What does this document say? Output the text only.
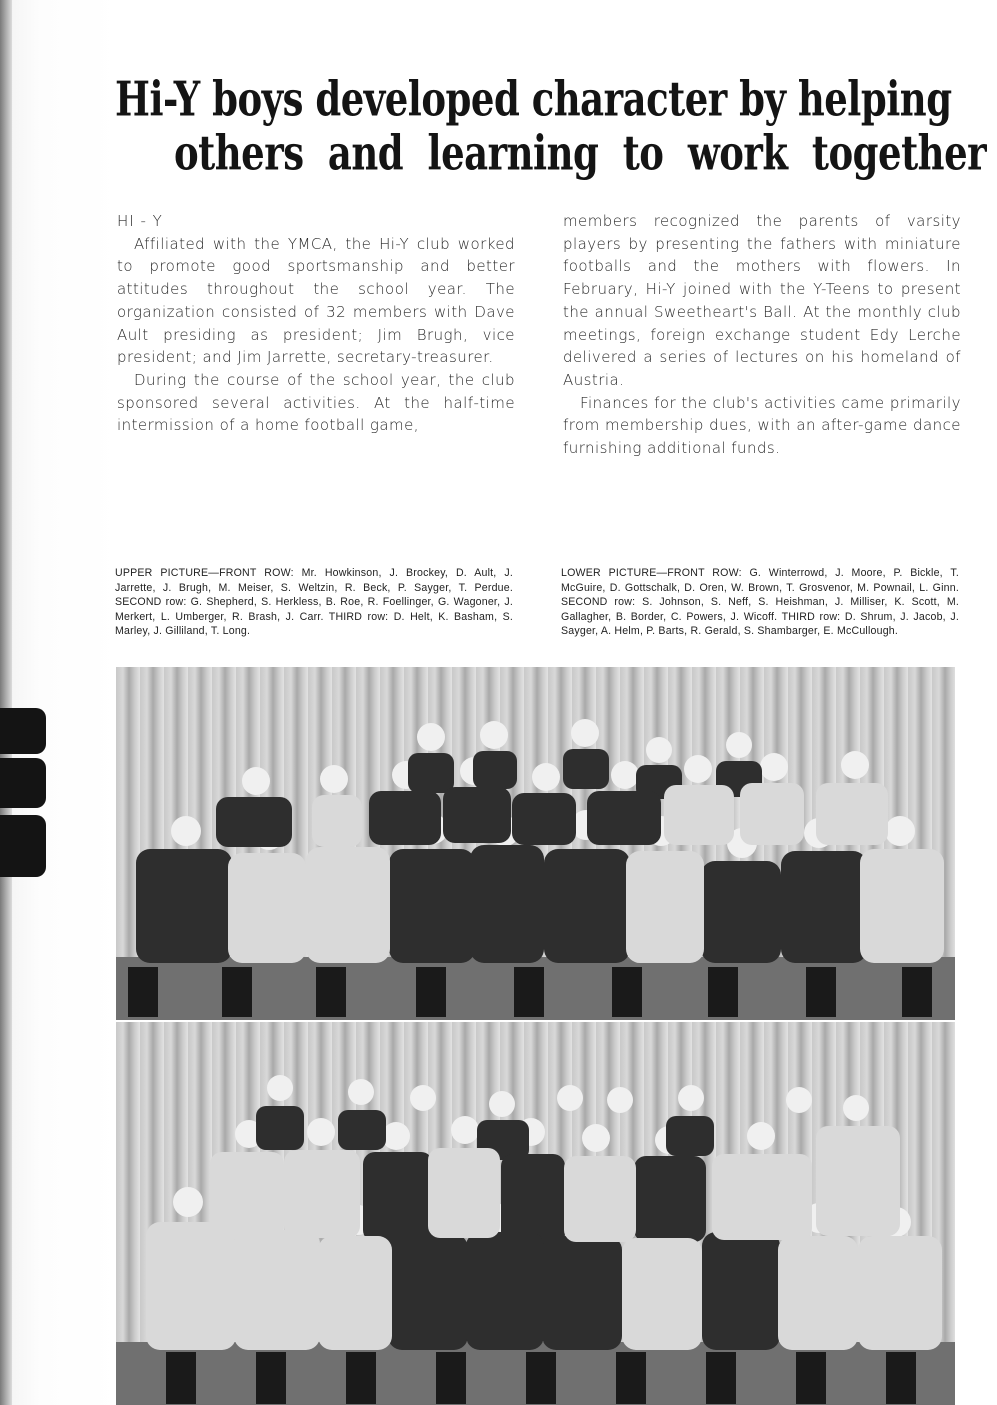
Hi-Y boys developed character by helping
others and learning to work together

HI - Y

Affiliated with the YMCA, the Hi-Y club worked to promote good sportsmanship and better attitudes throughout the school year. The organization consisted of 32 members with Dave Ault presiding as president; Jim Brugh, vice president; and Jim Jarrette, secretary-treasurer.

During the course of the school year, the club sponsored several activities. At the half-time intermission of a home football game,

members recognized the parents of varsity players by presenting the fathers with miniature footballs and the mothers with flowers. In February, Hi-Y joined with the Y-Teens to present the annual Sweetheart's Ball. At the monthly club meetings, foreign exchange student Edy Lerche delivered a series of lectures on his homeland of Austria.

Finances for the club's activities came primarily from membership dues, with an after-game dance furnishing additional funds.

UPPER PICTURE—FRONT ROW: Mr. Howkinson, J. Brockey, D. Ault, J. Jarrette, J. Brugh, M. Meiser, S. Weltzin, R. Beck, P. Sayger, T. Perdue. SECOND row: G. Shepherd, S. Herkless, B. Roe, R. Foellinger, G. Wagoner, J. Merkert, L. Umberger, R. Brash, J. Carr. THIRD row: D. Helt, K. Basham, S. Marley, J. Gilliland, T. Long.
LOWER PICTURE—FRONT ROW: G. Winterrowd, J. Moore, P. Bickle, T. McGuire, D. Gottschalk, D. Oren, W. Brown, T. Grosvenor, M. Pownail, L. Ginn. SECOND row: S. Johnson, S. Neff, S. Heishman, J. Milliser, K. Scott, M. Gallagher, B. Border, C. Powers, J. Wicoff. THIRD row: D. Shrum, J. Jacob, J. Sayger, A. Helm, P. Barts, R. Gerald, S. Shambarger, E. McCullough.
